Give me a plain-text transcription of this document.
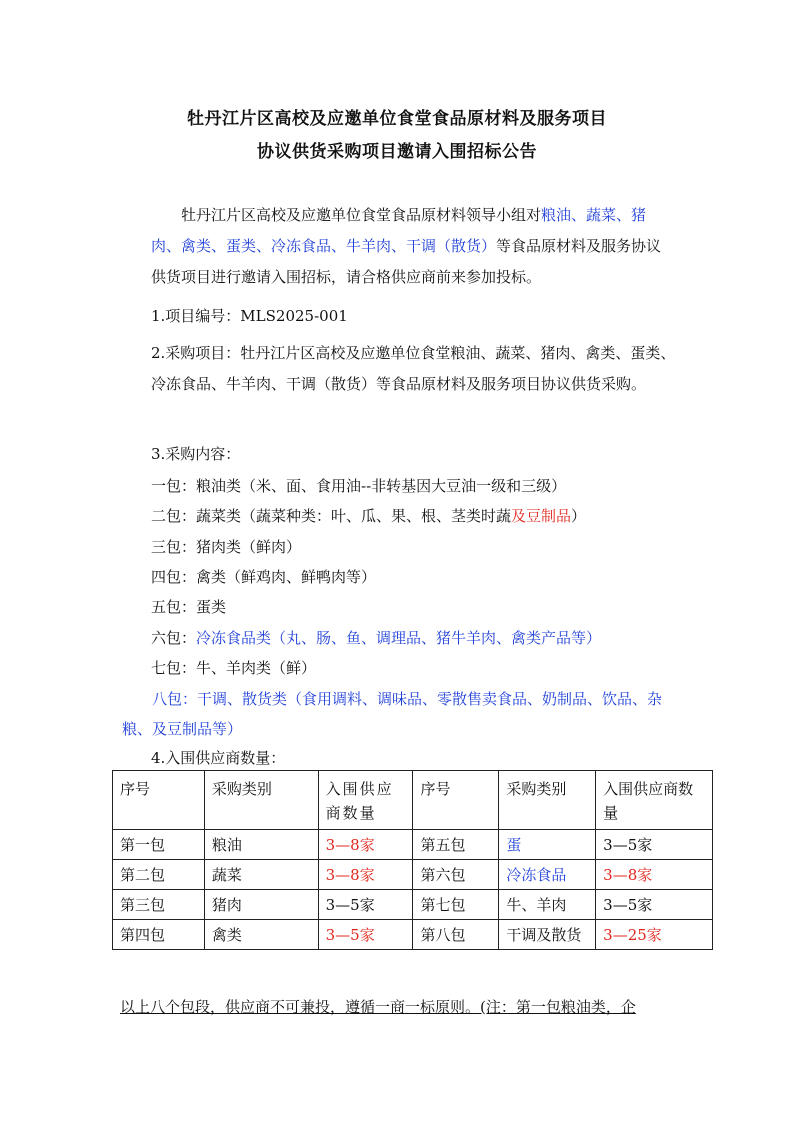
牡丹江片区高校及应邀单位食堂食品原材料及服务项目
协议供货采购项目邀请入围招标公告
牡丹江片区高校及应邀单位食堂食品原材料领导小组对粮油、蔬菜、猪肉、禽类、蛋类、冷冻食品、牛羊肉、干调（散货）等食品原材料及服务协议供货项目进行邀请入围招标，请合格供应商前来参加投标。
1.项目编号：MLS2025-001
2.采购项目：牡丹江片区高校及应邀单位食堂粮油、蔬菜、猪肉、禽类、蛋类、冷冻食品、牛羊肉、干调（散货）等食品原材料及服务项目协议供货采购。
3.采购内容：
一包：粮油类（米、面、食用油--非转基因大豆油一级和三级）
二包：蔬菜类（蔬菜种类：叶、瓜、果、根、茎类时蔬及豆制品）
三包：猪肉类（鲜肉）
四包：禽类（鲜鸡肉、鲜鸭肉等）
五包：蛋类
六包：冷冻食品类（丸、肠、鱼、调理品、猪牛羊肉、禽类产品等）
七包：牛、羊肉类（鲜）
八包：干调、散货类（食用调料、调味品、零散售卖食品、奶制品、饮品、杂粮、及豆制品等）
4.入围供应商数量：
序号	采购类别	入围供应商数量	序号	采购类别	入围供应商数量
第一包	粮油	3—8家	第五包	蛋	3—5家
第二包	蔬菜	3—8家	第六包	冷冻食品	3—8家
第三包	猪肉	3—5家	第七包	牛、羊肉	3—5家
第四包	禽类	3—5家	第八包	干调及散货	3—25家
以上八个包段，供应商不可兼投，遵循一商一标原则。(注：第一包粮油类，企
